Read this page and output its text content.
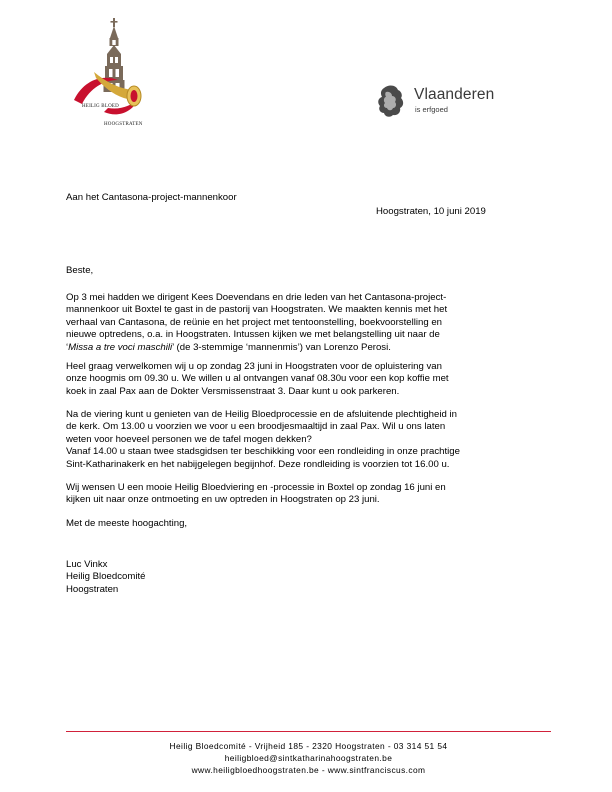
HEILIG BLOED
HOOGSTRATEN
Vlaanderen
is erfgoed
Aan het Cantasona-project-mannenkoor
Hoogstraten, 10 juni 2019
Beste,

Op 3 mei hadden we dirigent Kees Doevendans en drie leden van het Cantasona-project-

mannenkoor uit Boxtel te gast in de pastorij van Hoogstraten. We maakten kennis met het

verhaal van Cantasona, de reünie en het project met tentoonstelling, boekvoorstelling en

nieuwe optredens, o.a. in Hoogstraten. Intussen kijken we met belangstelling uit naar de

‘Missa a tre voci maschili’ (de 3-stemmige ‘mannenmis’) van Lorenzo Perosi.

Heel graag verwelkomen wij u op zondag 23 juni in Hoogstraten voor de opluistering van

onze hoogmis om 09.30 u. We willen u al ontvangen vanaf 08.30u voor een kop koffie met

koek in zaal Pax aan de Dokter Versmissenstraat 3. Daar kunt u ook parkeren.

Na de viering kunt u genieten van de Heilig Bloedprocessie en de afsluitende plechtigheid in

de kerk. Om 13.00 u voorzien we voor u een broodjesmaaltijd in zaal Pax. Wil u ons laten

weten voor hoeveel personen we de tafel mogen dekken?

Vanaf 14.00 u staan twee stadsgidsen ter beschikking voor een rondleiding in onze prachtige

Sint-Katharinakerk en het nabijgelegen begijnhof. Deze rondleiding is voorzien tot 16.00 u.

Wij wensen U een mooie Heilig Bloedviering en -processie in Boxtel op zondag 16 juni en

kijken uit naar onze ontmoeting en uw optreden in Hoogstraten op 23 juni.

Met de meeste hoogachting,

Luc Vinkx

Heilig Bloedcomité

Hoogstraten

Heilig Bloedcomité - Vrijheid 185 - 2320 Hoogstraten - 03 314 51 54
heiligbloed@sintkatharinahoogstraten.be
www.heiligbloedhoogstraten.be - www.sintfranciscus.com
